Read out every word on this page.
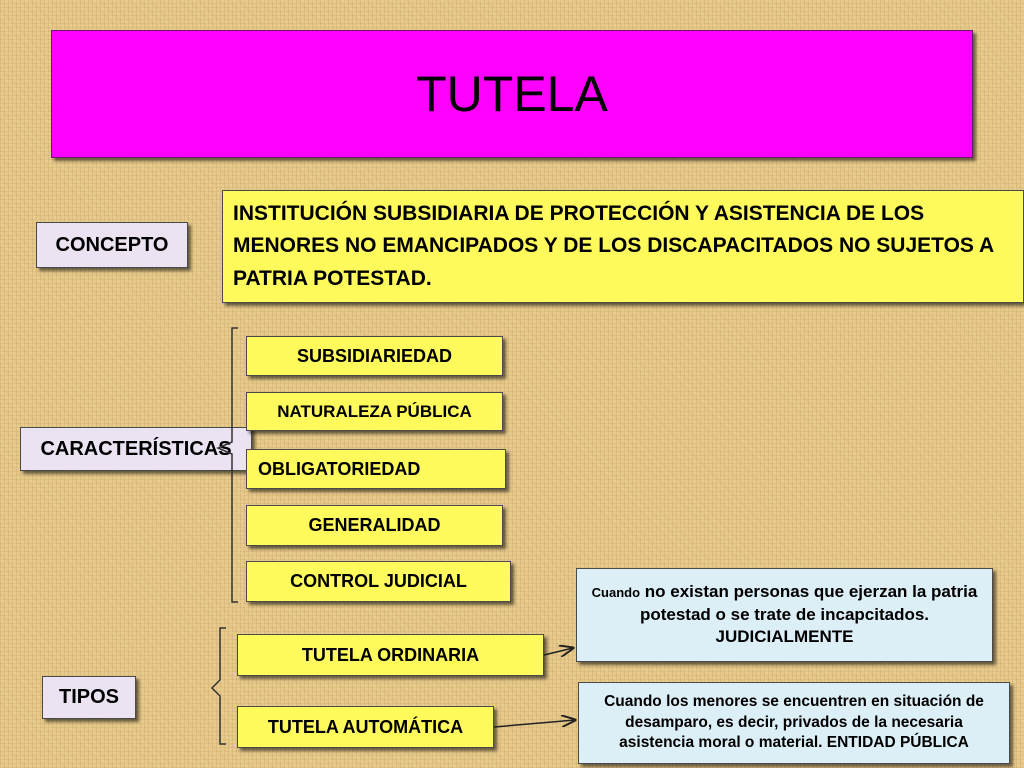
TUTELA
CONCEPTO
INSTITUCIÓN SUBSIDIARIA DE PROTECCIÓN Y ASISTENCIA DE LOS MENORES NO EMANCIPADOS Y DE LOS DISCAPACITADOS NO SUJETOS A PATRIA POTESTAD.
CARACTERÍSTICAS
SUBSIDIARIEDAD
NATURALEZA PÚBLICA
OBLIGATORIEDAD
GENERALIDAD
CONTROL JUDICIAL
TIPOS
TUTELA ORDINARIA
TUTELA AUTOMÁTICA
Cuando no existan personas que ejerzan la patria potestad o se trate de incapcitados. JUDICIALMENTE
Cuando los menores se encuentren en situación de desamparo, es decir, privados de la necesaria asistencia moral o material. ENTIDAD PÚBLICA
